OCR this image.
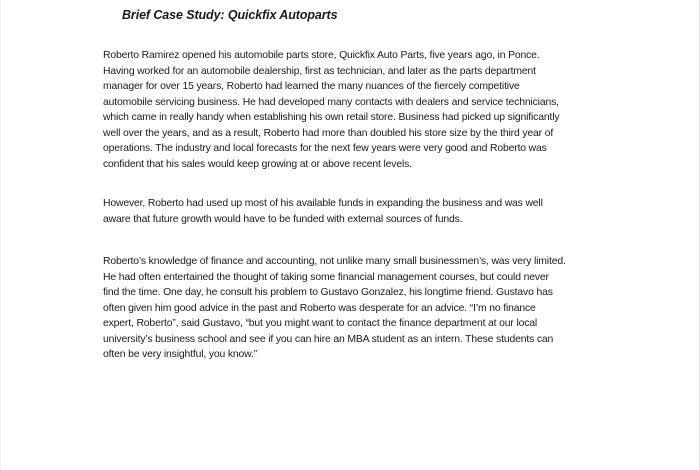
Brief Case Study: Quickfix Autoparts

Roberto Ramirez opened his automobile parts store, Quickfix Auto Parts, five years ago, in Ponce.
Having worked for an automobile dealership, first as technician, and later as the parts department
manager for over 15 years, Roberto had learned the many nuances of the fiercely competitive
automobile servicing business. He had developed many contacts with dealers and service technicians,
which came in really handy when establishing his own retail store. Business had picked up significantly
well over the years, and as a result, Roberto had more than doubled his store size by the third year of
operations. The industry and local forecasts for the next few years were very good and Roberto was
confident that his sales would keep growing at or above recent levels.

However, Roberto had used up most of his available funds in expanding the business and was well
aware that future growth would have to be funded with external sources of funds.

Roberto’s knowledge of finance and accounting, not unlike many small businessmen’s, was very limited.
He had often entertained the thought of taking some financial management courses, but could never
find the time. One day, he consult his problem to Gustavo Gonzalez, his longtime friend. Gustavo has
often given him good advice in the past and Roberto was desperate for an advice. “I’m no finance
expert, Roberto”, said Gustavo, “but you might want to contact the finance department at our local
university’s business school and see if you can hire an MBA student as an intern. These students can
often be very insightful, you know.”
